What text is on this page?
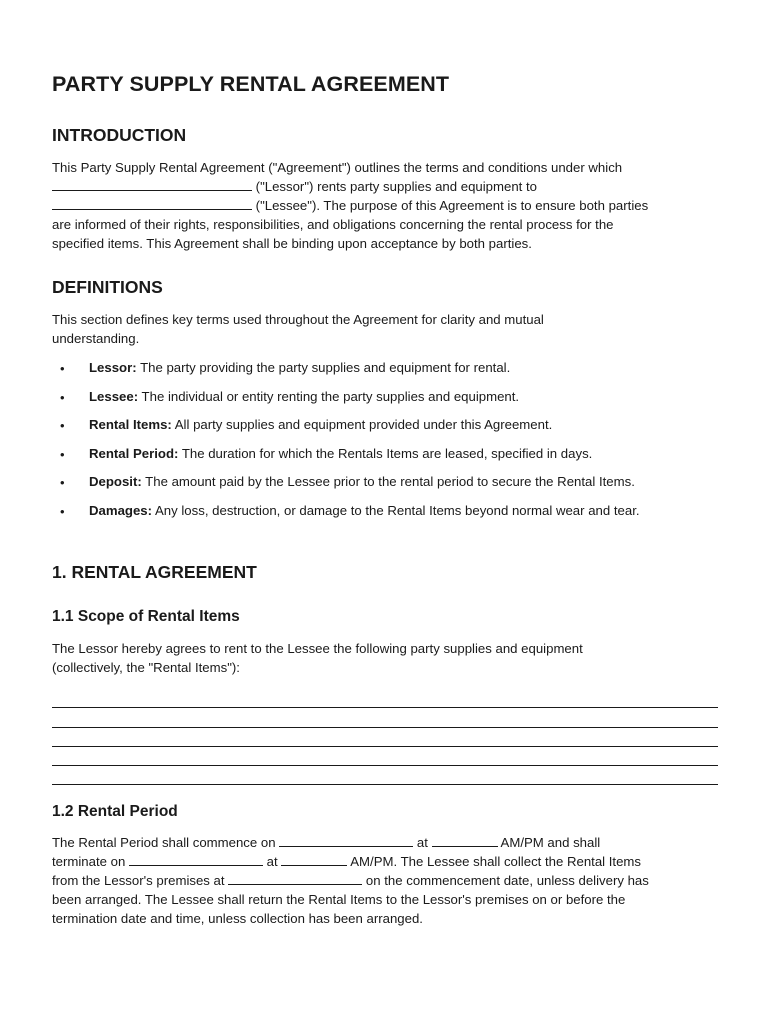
PARTY SUPPLY RENTAL AGREEMENT
INTRODUCTION
This Party Supply Rental Agreement ("Agreement") outlines the terms and conditions under which
("Lessor") rents party supplies and equipment to
("Lessee"). The purpose of this Agreement is to ensure both parties
are informed of their rights, responsibilities, and obligations concerning the rental process for the
specified items. This Agreement shall be binding upon acceptance by both parties.
DEFINITIONS
This section defines key terms used throughout the Agreement for clarity and mutual
understanding.
• Lessor: The party providing the party supplies and equipment for rental.
• Lessee: The individual or entity renting the party supplies and equipment.
• Rental Items: All party supplies and equipment provided under this Agreement.
• Rental Period: The duration for which the Rentals Items are leased, specified in days.
• Deposit: The amount paid by the Lessee prior to the rental period to secure the Rental Items.
• Damages: Any loss, destruction, or damage to the Rental Items beyond normal wear and tear.
1. RENTAL AGREEMENT
1.1 Scope of Rental Items
The Lessor hereby agrees to rent to the Lessee the following party supplies and equipment
(collectively, the "Rental Items"):
1.2 Rental Period
The Rental Period shall commence on	at	AM/PM and shall
terminate on	at	AM/PM. The Lessee shall collect the Rental Items
from the Lessor's premises at	on the commencement date, unless delivery has
been arranged. The Lessee shall return the Rental Items to the Lessor's premises on or before the
termination date and time, unless collection has been arranged.
